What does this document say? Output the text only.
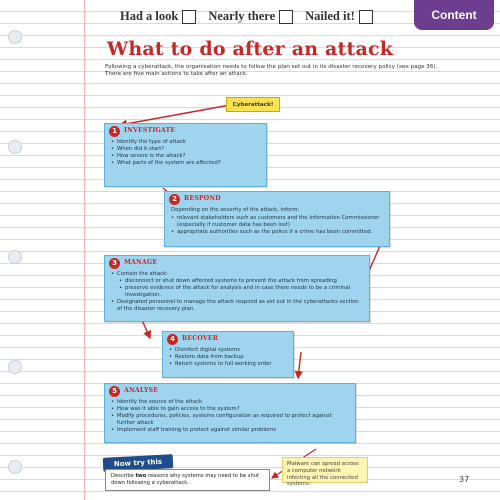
Had a look Nearly there Nailed it!	Content
What to do after an attack
Following a cyberattack, the organisation needs to follow the plan set out in its disaster recovery policy (see page 36). There are five main actions to take after an attack.
Cyberattack!
1	INVESTIGATE
• Identify the type of attack
• When did it start?
• How severe is the attack?
• What parts of the system are affected?
2	RESPOND

Depending on the severity of the attack, inform:

• relevant stakeholders such as customers and the Information Commissioner (especially if customer data has been lost)
• appropriate authorities such as the police if a crime has been committed.
3	MANAGE
• Contain the attack:
• disconnect or shut down affected systems to prevent the attack from spreading
• preserve evidence of the attack for analysis and in case there needs to be a criminal investigation.
• Designated personnel to manage the attack respond as set out in the cyberattacks section of the disaster recovery plan.
4	RECOVER
• Disinfect digital systems
• Restore data from backup
• Return systems to full working order
5	ANALYSE
• Identify the source of the attack
• How was it able to gain access to the system?
• Modify procedures, policies, systems configuration as required to protect against further attack
• Implement staff training to protect against similar problems
Now try this
Describe two reasons why systems may need to be shut down following a cyberattack.
Malware can spread across a computer network infecting all the connected systems.
37
